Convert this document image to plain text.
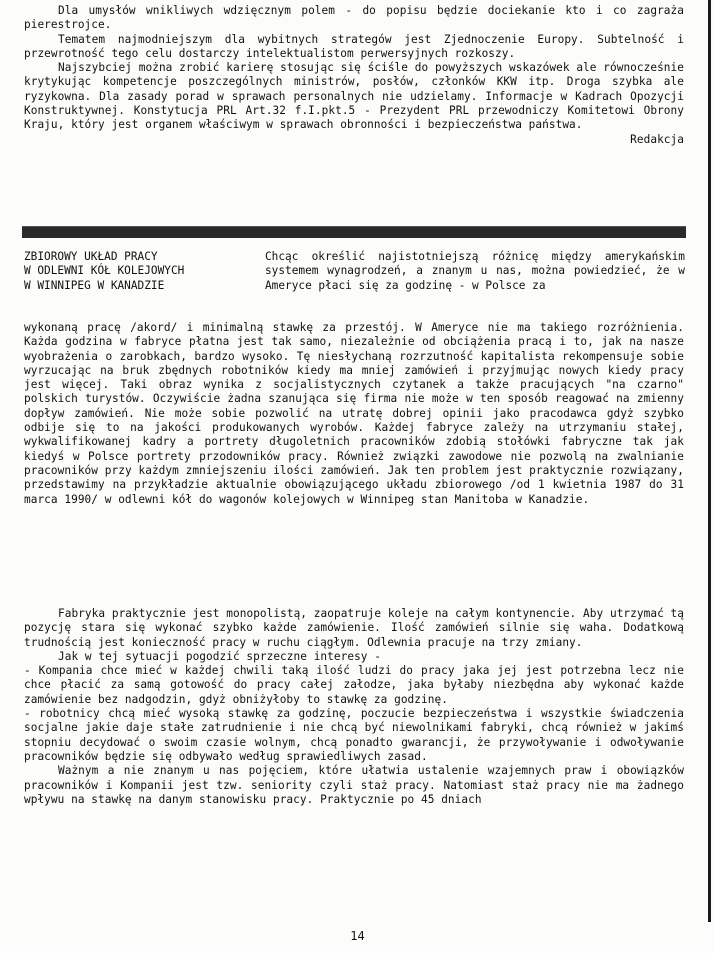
Dla umysłów wnikliwych wdzięcznym polem - do popisu będzie dociekanie kto i co zagraża pierestrojce.

Tematem najmodniejszym dla wybitnych strategów jest Zjednoczenie Europy. Subtelność i przewrotność tego celu dostarczy intelektualistom perwersyjnych rozkoszy.

Najszybciej można zrobić karierę stosując się ściśle do powyższych wskazówek ale równocześnie krytykując kompetencje poszczególnych ministrów, posłów, członków KKW itp. Droga szybka ale ryzykowna. Dla zasady porad w sprawach personalnych nie udzielamy. Informacje w Kadrach Opozycji Konstruktywnej. Konstytucja PRL Art.32 f.I.pkt.5 - Prezydent PRL przewodniczy Komitetowi Obrony Kraju, który jest organem właściwym w sprawach obronności i bezpieczeństwa państwa.

Redakcja
ZBIOROWY UKŁAD PRACY
W ODLEWNI KÓŁ KOLEJOWYCH
W WINNIPEG W KANADZIE

Chcąc określić najistotniejszą różnicę między amerykańskim systemem wynagrodzeń, a znanym u nas, można powiedzieć, że w Ameryce płaci się za godzinę - w Polsce za

wykonaną pracę /akord/ i minimalną stawkę za przestój. W Ameryce nie ma takiego rozróżnienia. Każda godzina w fabryce płatna jest tak samo, niezależnie od obciążenia pracą i to, jak na nasze wyobrażenia o zarobkach, bardzo wysoko. Tę niesłychaną rozrzutność kapitalista rekompensuje sobie wyrzucając na bruk zbędnych robotników kiedy ma mniej zamówień i przyjmując nowych kiedy pracy jest więcej. Taki obraz wynika z socjalistycznych czytanek a także pracujących "na czarno" polskich turystów. Oczywiście żadna szanująca się firma nie może w ten sposób reagować na zmienny dopływ zamówień. Nie może sobie pozwolić na utratę dobrej opinii jako pracodawca gdyż szybko odbije się to na jakości produkowanych wyrobów. Każdej fabryce zależy na utrzymaniu stałej, wykwalifikowanej kadry a portrety długoletnich pracowników zdobią stołówki fabryczne tak jak kiedyś w Polsce portrety przodowników pracy. Również związki zawodowe nie pozwolą na zwalnianie pracowników przy każdym zmniejszeniu ilości zamówień. Jak ten problem jest praktycznie rozwiązany, przedstawimy na przykładzie aktualnie obowiązującego układu zbiorowego /od 1 kwietnia 1987 do 31 marca 1990/ w odlewni kół do wagonów kolejowych w Winnipeg stan Manitoba w Kanadzie.

Fabryka praktycznie jest monopolistą, zaopatruje koleje na całym kontynencie. Aby utrzymać tą pozycję stara się wykonać szybko każde zamówienie. Ilość zamówień silnie się waha. Dodatkową trudnością jest konieczność pracy w ruchu ciągłym. Odlewnia pracuje na trzy zmiany.

Jak w tej sytuacji pogodzić sprzeczne interesy -

- Kompania chce mieć w każdej chwili taką ilość ludzi do pracy jaka jej jest potrzebna lecz nie chce płacić za samą gotowość do pracy całej załodze, jaka byłaby niezbędna aby wykonać każde zamówienie bez nadgodzin, gdyż obniżyłoby to stawkę za godzinę.

- robotnicy chcą mieć wysoką stawkę za godzinę, poczucie bezpieczeństwa i wszystkie świadczenia socjalne jakie daje stałe zatrudnienie i nie chcą być niewolnikami fabryki, chcą również w jakimś stopniu decydować o swoim czasie wolnym, chcą ponadto gwarancji, że przywoływanie i odwoływanie pracowników będzie się odbywało według sprawiedliwych zasad.

Ważnym a nie znanym u nas pojęciem, które ułatwia ustalenie wzajemnych praw i obowiązków pracowników i Kompanii jest tzw. seniority czyli staż pracy. Natomiast staż pracy nie ma żadnego wpływu na stawkę na danym stanowisku pracy. Praktycznie po 45 dniach

14
